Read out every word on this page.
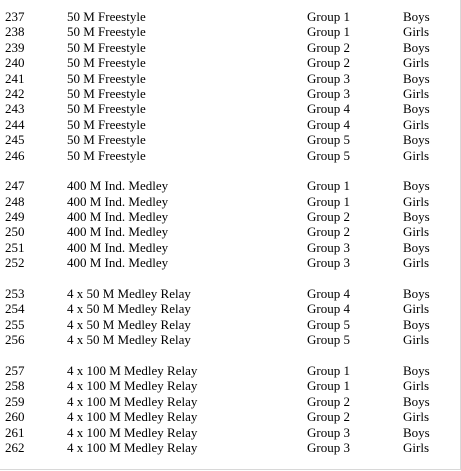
237	50 M Freestyle	Group 1	Boys
238	50 M Freestyle	Group 1	Girls
239	50 M Freestyle	Group 2	Boys
240	50 M Freestyle	Group 2	Girls
241	50 M Freestyle	Group 3	Boys
242	50 M Freestyle	Group 3	Girls
243	50 M Freestyle	Group 4	Boys
244	50 M Freestyle	Group 4	Girls
245	50 M Freestyle	Group 5	Boys
246	50 M Freestyle	Group 5	Girls
247	400 M Ind. Medley	Group 1	Boys
248	400 M Ind. Medley	Group 1	Girls
249	400 M Ind. Medley	Group 2	Boys
250	400 M Ind. Medley	Group 2	Girls
251	400 M Ind. Medley	Group 3	Boys
252	400 M Ind. Medley	Group 3	Girls
253	4 x 50 M Medley Relay	Group 4	Boys
254	4 x 50 M Medley Relay	Group 4	Girls
255	4 x 50 M Medley Relay	Group 5	Boys
256	4 x 50 M Medley Relay	Group 5	Girls
257	4 x 100 M Medley Relay	Group 1	Boys
258	4 x 100 M Medley Relay	Group 1	Girls
259	4 x 100 M Medley Relay	Group 2	Boys
260	4 x 100 M Medley Relay	Group 2	Girls
261	4 x 100 M Medley Relay	Group 3	Boys
262	4 x 100 M Medley Relay	Group 3	Girls
